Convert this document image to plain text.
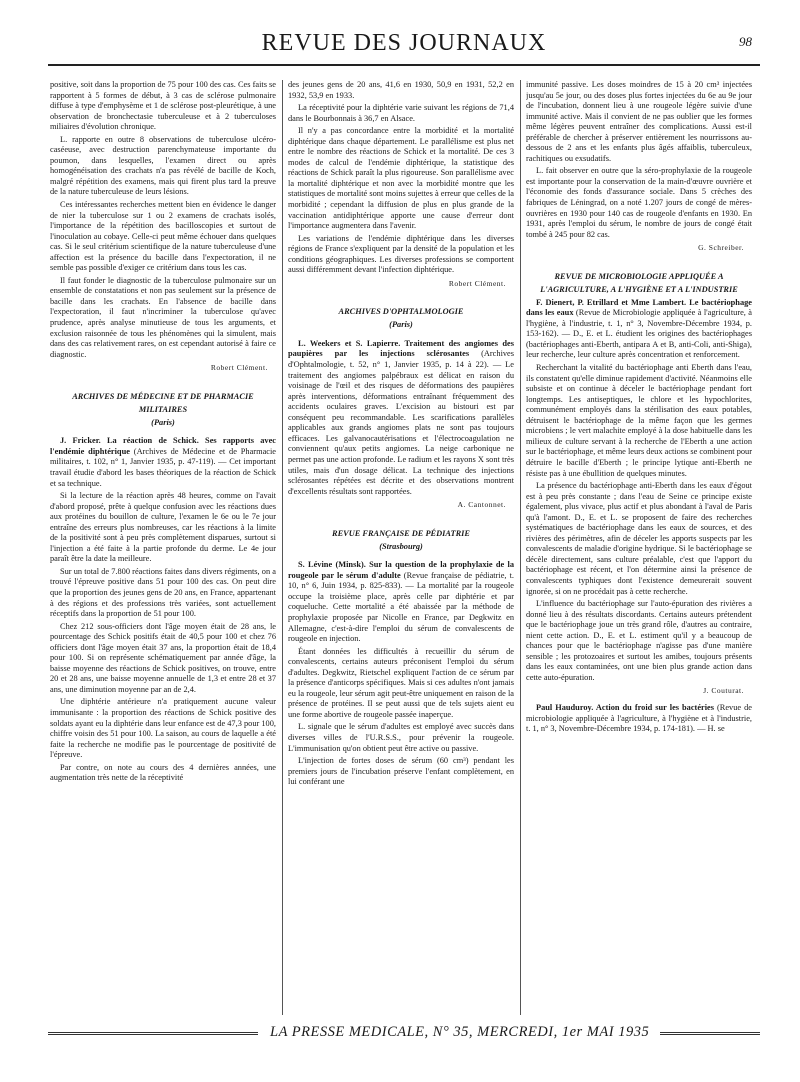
REVUE DES JOURNAUX	98

positive, soit dans la proportion de 75 pour 100 des cas. Ces faits se rapportent à 5 formes de début, à 3 cas de sclérose pulmonaire diffuse à type d'emphysème et 1 de sclérose post-pleurétique, à une observation de bronchectasie tuberculeuse et à 2 tuberculoses miliaires d'évolution chronique.

L. rapporte en outre 8 observations de tuberculose ulcéro-caséeuse, avec destruction parenchymateuse importante du poumon, dans lesquelles, l'examen direct ou après homogénéisation des crachats n'a pas révélé de bacille de Koch, malgré répétition des examens, mais qui firent plus tard la preuve de la nature tuberculeuse de leurs lésions.

Ces intéressantes recherches mettent bien en évidence le danger de nier la tuberculose sur 1 ou 2 examens de crachats isolés, l'importance de la répétition des bacilloscopies et surtout de l'inoculation au cobaye. Celle-ci peut même échouer dans quelques cas. Si le seul critérium scientifique de la nature tuberculeuse d'une affection est la présence du bacille dans l'expectoration, il ne semble pas possible d'exiger ce critérium dans tous les cas.

Il faut fonder le diagnostic de la tuberculose pulmonaire sur un ensemble de constatations et non pas seulement sur la présence de bacille dans les crachats. En l'absence de bacille dans l'expectoration, il faut n'incriminer la tuberculose qu'avec prudence, après analyse minutieuse de tous les arguments, et exclusion raisonnée de tous les phénomènes qui la simulent, mais dans des cas relativement rares, on est cependant autorisé à faire ce diagnostic.

Robert Clément.
ARCHIVES DE MÉDECINE ET DE PHARMACIE MILITAIRES
(Paris)

J. Fricker. La réaction de Schick. Ses rapports avec l'endémie diphtérique (Archives de Médecine et de Pharmacie militaires, t. 102, n° 1, Janvier 1935, p. 47-119). — Cet important travail étudie d'abord les bases théoriques de la réaction de Schick et sa technique.

Si la lecture de la réaction après 48 heures, comme on l'avait d'abord proposé, prête à quelque confusion avec les réactions dues aux protéines du bouillon de culture, l'examen le 6e ou le 7e jour entraîne des erreurs plus nombreuses, car les réactions à la limite de la positivité sont à peu près complètement disparues, surtout si l'injection a été faite à la partie profonde du derme. Le 4e jour paraît être la date la meilleure.

Sur un total de 7.800 réactions faites dans divers régiments, on a trouvé l'épreuve positive dans 51 pour 100 des cas. On peut dire que la proportion des jeunes gens de 20 ans, en France, appartenant à des régions et des professions très variées, sont actuellement réceptifs dans la proportion de 51 pour 100.

Chez 212 sous-officiers dont l'âge moyen était de 28 ans, le pourcentage des Schick positifs était de 40,5 pour 100 et chez 76 officiers dont l'âge moyen était 37 ans, la proportion était de 18,4 pour 100. Si on représente schématiquement par année d'âge, la baisse moyenne des réactions de Schick positives, on trouve, entre 20 et 28 ans, une baisse moyenne annuelle de 1,3 et entre 28 et 37 ans, une diminution moyenne par an de 2,4.

Une diphtérie antérieure n'a pratiquement aucune valeur immunisante : la proportion des réactions de Schick positive des soldats ayant eu la diphtérie dans leur enfance est de 47,3 pour 100, chiffre voisin des 51 pour 100. La saison, au cours de laquelle a été faite la recherche ne modifie pas le pourcentage de positivité de l'épreuve.

Par contre, on note au cours des 4 dernières années, une augmentation très nette de la réceptivité

des jeunes gens de 20 ans, 41,6 en 1930, 50,9 en 1931, 52,2 en 1932, 53,9 en 1933.

La réceptivité pour la diphtérie varie suivant les régions de 71,4 dans le Bourbonnais à 36,7 en Alsace.

Il n'y a pas concordance entre la morbidité et la mortalité diphtérique dans chaque département. Le parallélisme est plus net entre le nombre des réactions de Schick et la mortalité. De ces 3 modes de calcul de l'endémie diphtérique, la statistique des réactions de Schick paraît la plus rigoureuse. Son parallélisme avec la mortalité diphtérique et non avec la morbidité montre que les statistiques de mortalité sont moins sujettes à erreur que celles de la morbidité ; cependant la diffusion de plus en plus grande de la vaccination antidiphtérique apporte une cause d'erreur dont l'importance augmentera dans l'avenir.

Les variations de l'endémie diphtérique dans les diverses régions de France s'expliquent par la densité de la population et les conditions géographiques. Les diverses professions se comportent aussi différemment devant l'infection diphtérique.

Robert Clément.
ARCHIVES D'OPHTALMOLOGIE
(Paris)

L. Weekers et S. Lapierre. Traitement des angiomes des paupières par les injections sclérosantes (Archives d'Ophtalmologie, t. 52, n° 1, Janvier 1935, p. 14 à 22). — Le traitement des angiomes palpébraux est délicat en raison du voisinage de l'œil et des risques de déformations des paupières après interventions, déformations entraînant fréquemment des accidents oculaires graves. L'excision au bistouri est par conséquent peu recommandable. Les scarifications parallèles applicables aux grands angiomes plats ne sont pas toujours efficaces. Les galvanocautérisations et l'électrocoagulation ne conviennent qu'aux petits angiomes. La neige carbonique ne permet pas une action profonde. Le radium et les rayons X sont très utiles, mais d'un dosage délicat. La technique des injections sclérosantes répétées est décrite et des observations montrent d'excellents résultats sont rapportées.

A. Cantonnet.
REVUE FRANÇAISE DE PÉDIATRIE
(Strasbourg)

S. Lévine (Minsk). Sur la question de la prophylaxie de la rougeole par le sérum d'adulte (Revue française de pédiatrie, t. 10, n° 6, Juin 1934, p. 825-833). — La mortalité par la rougeole occupe la troisième place, après celle par diphtérie et par coqueluche. Cette mortalité a été abaissée par la méthode de prophylaxie proposée par Nicolle en France, par Degkwitz en Allemagne, c'est-à-dire l'emploi du sérum de convalescents de rougeole en injection.

Étant données les difficultés à recueillir du sérum de convalescents, certains auteurs préconisent l'emploi du sérum d'adultes. Degkwitz, Rietschel expliquent l'action de ce sérum par la présence d'anticorps spécifiques. Mais si ces adultes n'ont jamais eu la rougeole, leur sérum agit peut-être uniquement en raison de la présence de protéines. Il se peut aussi que de tels sujets aient eu une forme abortive de rougeole passée inaperçue.

L. signale que le sérum d'adultes est employé avec succès dans diverses villes de l'U.R.S.S., pour prévenir la rougeole. L'immunisation qu'on obtient peut être active ou passive.

L'injection de fortes doses de sérum (60 cm³) pendant les premiers jours de l'incubation préserve l'enfant complètement, en lui conférant une

immunité passive. Les doses moindres de 15 à 20 cm³ injectées jusqu'au 5e jour, ou des doses plus fortes injectées du 6e au 9e jour de l'incubation, donnent lieu à une rougeole légère suivie d'une immunité active. Mais il convient de ne pas oublier que les formes même légères peuvent entraîner des complications. Aussi est-il préférable de chercher à préserver entièrement les nourrissons au-dessous de 2 ans et les enfants plus âgés affaiblis, tuberculeux, rachitiques ou exsudatifs.

L. fait observer en outre que la séro-prophylaxie de la rougeole est importante pour la conservation de la main-d'œuvre ouvrière et l'économie des fonds d'assurance sociale. Dans 5 crèches des fabriques de Léningrad, on a noté 1.207 jours de congé de mères-ouvrières en 1930 pour 140 cas de rougeole d'enfants en 1930. En 1931, après l'emploi du sérum, le nombre de jours de congé était tombé à 245 pour 82 cas.

G. Schreiber.
REVUE DE MICROBIOLOGIE APPLIQUÉE A L'AGRICULTURE, A L'HYGIÈNE ET A L'INDUSTRIE

F. Dienert, P. Etrillard et Mme Lambert. Le bactériophage dans les eaux (Revue de Microbiologie appliquée à l'agriculture, à l'hygiène, à l'industrie, t. 1, n° 3, Novembre-Décembre 1934, p. 153-162). — D., E. et L. étudient les origines des bactériophages (bactériophages anti-Eberth, antiparа A et B, anti-Coli, anti-Shiga), leur recherche, leur culture après concentration et renforcement.

Recherchant la vitalité du bactériophage anti Eberth dans l'eau, ils constatent qu'elle diminue rapidement d'activité. Néanmoins elle subsiste et on continue à déceler le bactériophage pendant fort longtemps. Les antiseptiques, le chlore et les hypochlorites, communément employés dans la stérilisation des eaux potables, détruisent le bactériophage de la même façon que les germes microbiens ; le vert malachite employé à la dose habituelle dans les milieux de culture servant à la recherche de l'Eberth a une action sur le bactériophage, et même leurs deux actions se combinent pour détruire le bacille d'Eberth ; le principe lytique anti-Eberth ne résiste pas à une ébullition de quelques minutes.

La présence du bactériophage anti-Eberth dans les eaux d'égout est à peu près constante ; dans l'eau de Seine ce principe existe également, plus vivace, plus actif et plus abondant à l'aval de Paris qu'à l'amont. D., E. et L. se proposent de faire des recherches systématiques de bactériophage dans les eaux de sources, et des rivières des périmètres, afin de déceler les apports suspects par les convalescents de maladie d'origine hydrique. Si le bactériophage se décèle directement, sans culture préalable, c'est que l'apport du bactériophage est récent, et l'on détermine ainsi la présence de convalescents typhiques dont l'existence demeurerait souvent ignorée, si on ne procédait pas à cette recherche.

L'influence du bactériophage sur l'auto-épuration des rivières a donné lieu à des résultats discordants. Certains auteurs prétendent que le bactériophage joue un très grand rôle, d'autres au contraire, nient cette action. D., E. et L. estiment qu'il y a beaucoup de chances pour que le bactériophage n'agisse pas d'une manière sensible ; les protozoaires et surtout les amibes, toujours présents dans les eaux contaminées, ont une bien plus grande action dans cette auto-épuration.

J. Couturat.

Paul Hauduroy. Action du froid sur les bactéries (Revue de microbiologie appliquée à l'agriculture, à l'hygiène et à l'industrie, t. 1, n° 3, Novembre-Décembre 1934, p. 174-181). — H. se

LA PRESSE MEDICALE, N° 35, MERCREDI, 1er MAI 1935
